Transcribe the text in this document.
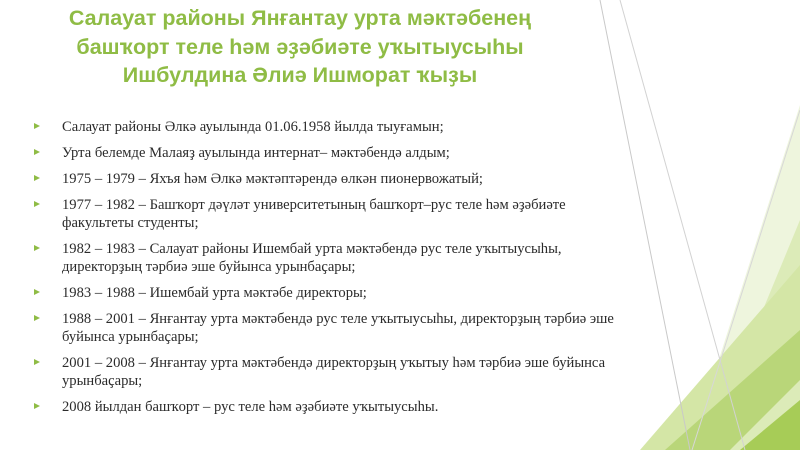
Салауат районы Янғантау урта мәктәбенең
башҡорт теле һәм әҙәбиәте уҡытыусыһы
Ишбулдина Әлиә Ишморат ҡыҙы
Салауат районы Әлкә ауылында 01.06.1958 йылда тыуғамын;
Урта белемде Малаяҙ ауылында интернат– мәктәбендә алдым;
1975 – 1979 – Яхъя һәм Әлкә мәктәптәрендә өлкән пионервожатый;
1977 – 1982 – Башҡорт дәүләт университетының башҡорт–рус теле һәм әҙәбиәте факультеты студенты;
1982 – 1983 – Салауат районы Ишембай урта мәктәбендә рус теле уҡытыусыһы, директорҙың тәрбиә эше буйынса урынбаҫары;
1983 – 1988 – Ишембай урта мәктәбе директоры;
1988 – 2001 – Янғантау урта мәктәбендә рус теле уҡытыусыһы, директорҙың тәрбиә эше буйынса урынбаҫары;
2001 – 2008 – Янғантау урта мәктәбендә директорҙың уҡытыу һәм тәрбиә эше буйынса урынбаҫары;
2008 йылдан башҡорт – рус теле һәм әҙәбиәте уҡытыусыһы.
